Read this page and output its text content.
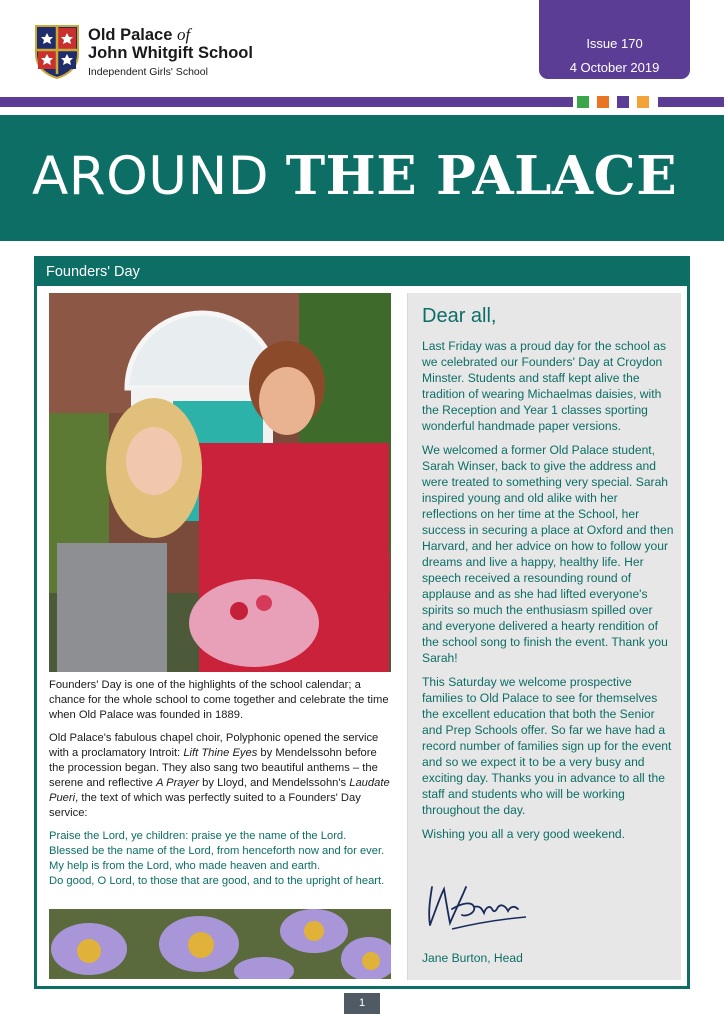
Old Palace of
John Whitgift School
Independent Girls' School
Issue 170
4 October 2019
AROUND THE PALACE
Founders' Day

Founders' Day is one of the highlights of the school calendar; a chance for the whole school to come together and celebrate the time when Old Palace was founded in 1889.

Old Palace's fabulous chapel choir, Polyphonic opened the service with a proclamatory Introit: Lift Thine Eyes by Mendelssohn before the procession began. They also sang two beautiful anthems – the serene and reflective A Prayer by Lloyd, and Mendelssohn's Laudate Pueri, the text of which was perfectly suited to a Founders' Day service:

Praise the Lord, ye children: praise ye the name of the Lord.
Blessed be the name of the Lord, from henceforth now and for ever.
My help is from the Lord, who made heaven and earth.
Do good, O Lord, to those that are good, and to the upright of heart.

Dear all,

Last Friday was a proud day for the school as we celebrated our Founders' Day at Croydon Minster. Students and staff kept alive the tradition of wearing Michaelmas daisies, with the Reception and Year 1 classes sporting wonderful handmade paper versions.

We welcomed a former Old Palace student, Sarah Winser, back to give the address and were treated to something very special. Sarah inspired young and old alike with her reflections on her time at the School, her success in securing a place at Oxford and then Harvard, and her advice on how to follow your dreams and live a happy, healthy life. Her speech received a resounding round of applause and as she had lifted everyone's spirits so much the enthusiasm spilled over and everyone delivered a hearty rendition of the school song to finish the event. Thank you Sarah!

This Saturday we welcome prospective families to Old Palace to see for themselves the excellent education that both the Senior and Prep Schools offer. So far we have had a record number of families sign up for the event and so we expect it to be a very busy and exciting day. Thanks you in advance to all the staff and students who will be working throughout the day.

Wishing you all a very good weekend.

Jane Burton, Head
1
